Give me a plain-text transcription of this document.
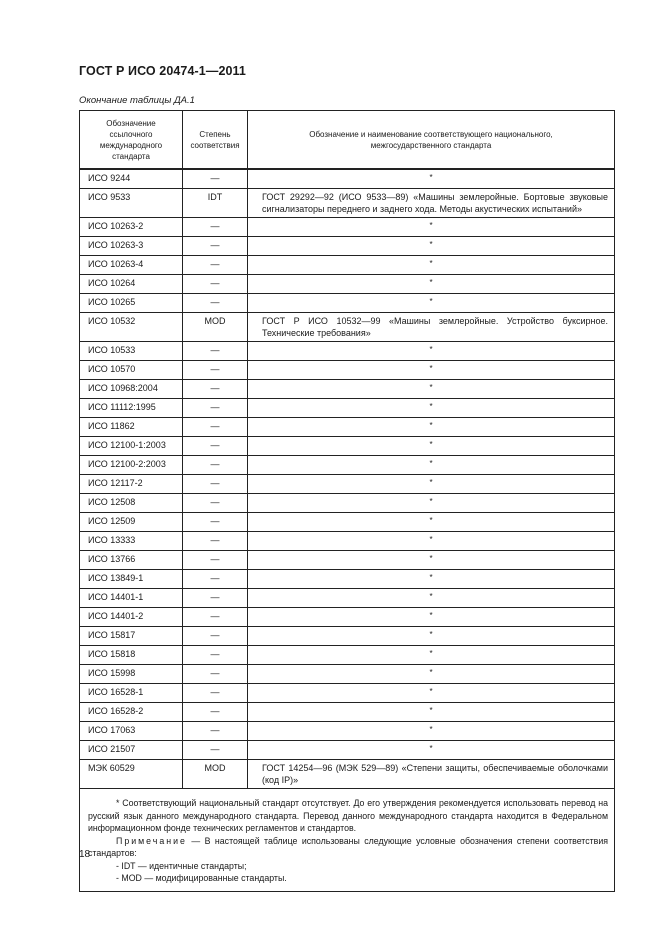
ГОСТ Р ИСО 20474-1—2011
Окончание таблицы ДА.1
Обозначение ссылочного международного стандарта	Степень соответствия	Обозначение и наименование соответствующего национального, межгосударственного стандарта
ИСО 9244	—	*
ИСО 9533	IDT	ГОСТ 29292—92 (ИСО 9533—89) «Машины землеройные. Бортовые звуковые сигнализаторы переднего и заднего хода. Методы акустических испытаний»
ИСО 10263-2	—	*
ИСО 10263-3	—	*
ИСО 10263-4	—	*
ИСО 10264	—	*
ИСО 10265	—	*
ИСО 10532	MOD	ГОСТ Р ИСО 10532—99 «Машины землеройные. Устройство буксирное. Технические требования»
ИСО 10533	—	*
ИСО 10570	—	*
ИСО 10968:2004	—	*
ИСО 11112:1995	—	*
ИСО 11862	—	*
ИСО 12100-1:2003	—	*
ИСО 12100-2:2003	—	*
ИСО 12117-2	—	*
ИСО 12508	—	*
ИСО 12509	—	*
ИСО 13333	—	*
ИСО 13766	—	*
ИСО 13849-1	—	*
ИСО 14401-1	—	*
ИСО 14401-2	—	*
ИСО 15817	—	*
ИСО 15818	—	*
ИСО 15998	—	*
ИСО 16528-1	—	*
ИСО 16528-2	—	*
ИСО 17063	—	*
ИСО 21507	—	*
МЭК 60529	MOD	ГОСТ 14254—96 (МЭК 529—89) «Степени защиты, обеспечиваемые оболочками (код IP)»

* Соответствующий национальный стандарт отсутствует. До его утверждения рекомендуется использовать перевод на русский язык данного международного стандарта. Перевод данного международного стандарта находится в Федеральном информационном фонде технических регламентов и стандартов.

Примечание — В настоящей таблице использованы следующие условные обозначения степени соответствия стандартов:

- IDT — идентичные стандарты;

- MOD — модифицированные стандарты.		

18
